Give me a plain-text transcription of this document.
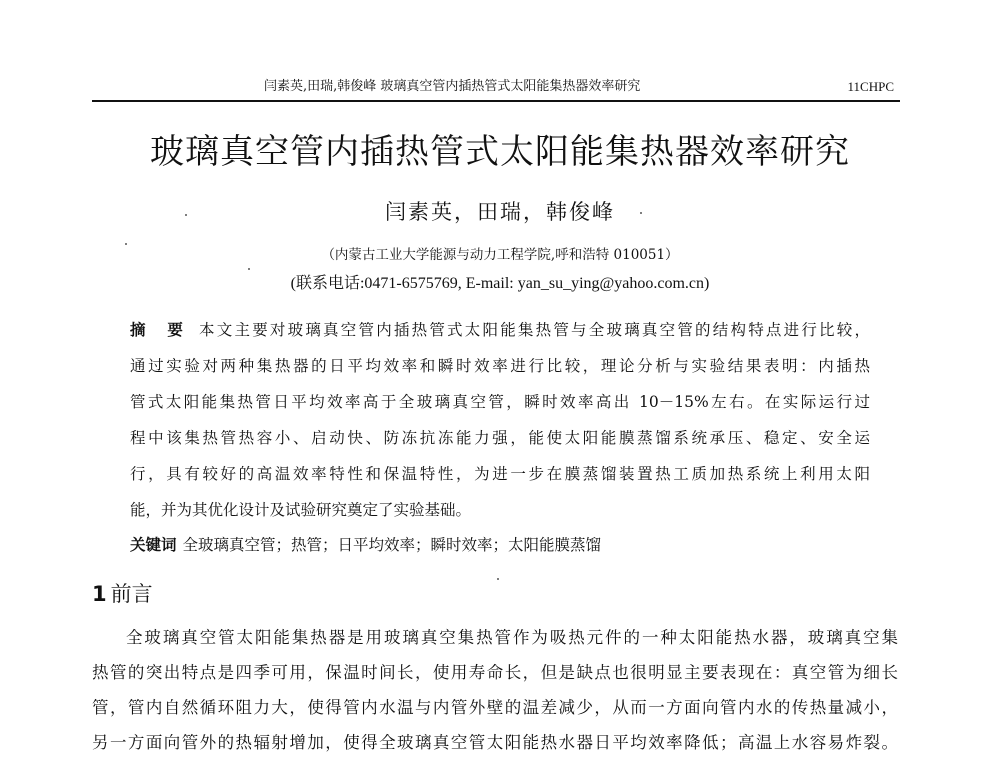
闫素英,田瑞,韩俊峰 玻璃真空管内插热管式太阳能集热器效率研究	11CHPC
玻璃真空管内插热管式太阳能集热器效率研究
闫素英，田瑞，韩俊峰
（内蒙古工业大学能源与动力工程学院,呼和浩特 010051）
(联系电话:0471-6575769, E-mail: yan_su_ying@yahoo.com.cn)
摘 要 本文主要对玻璃真空管内插热管式太阳能集热管与全玻璃真空管的结构特点进行比较，
通过实验对两种集热器的日平均效率和瞬时效率进行比较，理论分析与实验结果表明：内插热
管式太阳能集热管日平均效率高于全玻璃真空管，瞬时效率高出 10－15%左右。在实际运行过
程中该集热管热容小、启动快、防冻抗冻能力强，能使太阳能膜蒸馏系统承压、稳定、安全运
行，具有较好的高温效率特性和保温特性，为进一步在膜蒸馏装置热工质加热系统上利用太阳
能，并为其优化设计及试验研究奠定了实验基础。
关键词 全玻璃真空管；热管；日平均效率；瞬时效率；太阳能膜蒸馏
1 前言
全玻璃真空管太阳能集热器是用玻璃真空集热管作为吸热元件的一种太阳能热水器，玻璃真空集
热管的突出特点是四季可用，保温时间长，使用寿命长，但是缺点也很明显主要表现在：真空管为细长
管，管内自然循环阻力大，使得管内水温与内管外壁的温差减少，从而一方面向管内水的传热量减小，
另一方面向管外的热辐射增加，使得全玻璃真空管太阳能热水器日平均效率降低；高温上水容易炸裂。
